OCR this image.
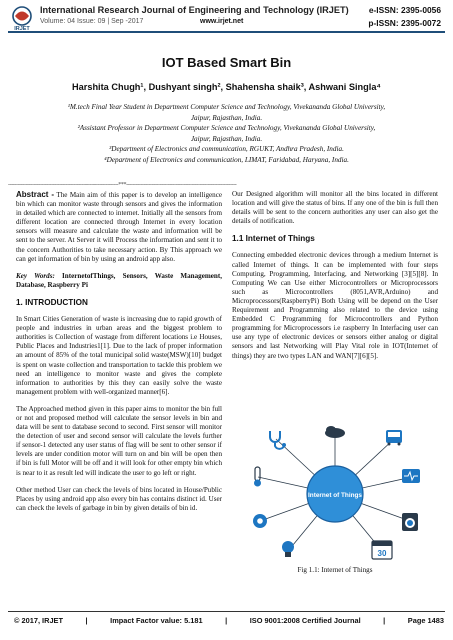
IRJET
International Research Journal of Engineering and Technology (IRJET) e-ISSN: 2395-0056
Volume: 04 Issue: 09 | Sep -2017	www.irjet.net	p-ISSN: 2395-0072
IOT Based Smart Bin
Harshita Chugh¹, Dushyant singh², Shahensha shaik³, Ashwani Singla⁴
¹M.tech Final Year Student in Department Computer Science and Technology, Vivekananda Global University,
Jaipur, Rajasthan, India.
²Assistant Professor in Department Computer Science and Technology, Vivekananda Global University,
Jaipur, Rajasthan, India.
³Department of Electronics and communication, RGUKT, Andhra Pradesh, India.
⁴Department of Electronics and communication, LIMAT, Faridabad, Haryana, India.
---------------------------------------------------------------------***---------------------------------------------------------------------

Abstract - The Main aim of this paper is to develop an intelligence bin which can monitor waste through sensors and gives the information in detailed which are connected to internet. Initially all the sensors from different location are connected through Internet in every location sensors will measure and calculate the waste and information will be sent to the server. At Server it will Process the information and sent it to the concern Authorities to take necessary action. By This approach we can get information of bin by using an android app also.

Key Words: InternetofThings, Sensors, Waste Management, Database, Raspberry Pi

1. INTRODUCTION

In Smart Cities Generation of waste is increasing due to rapid growth of people and industries in urban areas and the biggest problem to authorities is Collection of wastage from different locations i.e Houses, Public Places and Industries1[1]. Due to the lack of proper information an amount of 85% of the total municipal solid waste(MSW)[10] budget is spent on waste collection and transportation to tackle this problem we need an intelligence to monitor waste and gives the complete information to authorities by this they can easily solve the waste management problem with well-organized manner[6].

The Approached method given in this paper aims to monitor the bin full or not and proposed method will calculate the sensor levels in bin and data will be sent to database second to second. First sensor will monitor the detection of user and second sensor will calculate the levels further if sensor-1 detected any user status of flag will be sent to other sensor if levels are under condition motor will turn on and bin will be open then if bin is full Motor will be off and it will look for other empty bin which is near to it as result led will indicate the user to go left or right.

Other method User can check the levels of bins located in House/Public Places by using android app also every bin has contains distinct id. User can check the levels of garbage in bin by given details of bin id.

Our Designed algorithm will monitor all the bins located in different location and will give the status of bins. If any one of the bin is full then details will be sent to the concern authorities any user can also get the details of notification.

1.1 Internet of Things

Connecting embedded electronic devices through a medium Internet is called Internet of things. It can be implemented with four steps Computing, Programming, Interfacing, and Networking [3][5][8]. In Computing We can Use either Microcontrollers or Microprocessors such as Microcontrollers (8051,AVR,Arduino) and Microprocessors(RaspberryPi) Both Using will be depend on the User Requirement and Programming also related to the device using Embedded C Programming for Microcontrollers and Python programming for Microprocessors i.e raspberry In Interfacing user can use any type of electronic devices or sensors either analog or digital sensors and last Networking will Play Vital role in IOT(Internet of things) they are two types LAN and WAN[7][6][5].

30
Internet of Things
Fig 1.1: Internet of Things
© 2017, IRJET	|	Impact Factor value: 5.181	|	ISO 9001:2008 Certified Journal	|	Page 1483
